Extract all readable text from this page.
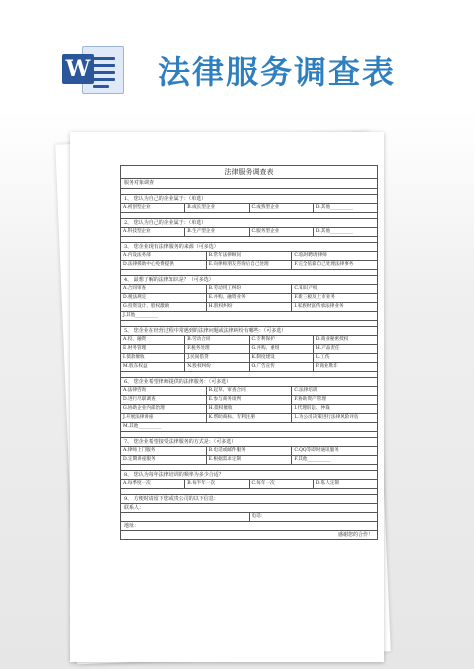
W 法律服务调查表
法律服务调查表
服务对象调查
1、 您认为自己的企业属于：（单选）
A.初创型企业	B.成长型企业	C.成熟型企业	D.其他__________
2、 您认为自己的企业属于：（单选）
A.科技型企业	B.生产型企业	C.服务型企业	D.其他__________
3、 您企业现有法律服务的来源（可多选）
A.内设法务部	B.常年法律顾问	C.临时聘请律师
D.法律援助中心免费提供	E.向律师朋友咨询后自己处理	F.完全依靠自己处理法律事务
4、 最想了解的法律知识是？（可多选）
A.合同审查	B.劳动用工纠纷	C.知识产权
D.税法规定	E.并购、融资业务	F.新三板及上市业务
G.投资设计、股权激励	H.股权纠纷	I.家族财富传承法律业务
J.其他__________
5、 您企业在经营过程中常遇到的法律问题或法律纠纷有哪些：（可多选）
A.投、融资	B.劳动合同	C.专利保护	D.商业秘密授权
E.财务管理	F.税务处理	G.并购、重组	H.产品责任
I.债款催收	J.民间借贷	K.制度建设	L.工伤
M.股东权益	N.股权纠纷	O.广告宣传	P.商业欺诈
6、 您企业希望律师提供的法律服务：（可多选）
A.法律咨询	B.起草、审查合同	C.法律培训
D.进行尽职调查	E.参与商务谈判	F.协助资产管理
G.协助企业内部治理	H.债权催收	I.代理诉讼、仲裁
J.开展法律讲座	K.帮助商标、专利注册	L.为公司决策进行法律风险评估
M.其他__________
7、 您企业希望接受法律服务的方式是：（可多选）
A.律师上门服务	B.电话或邮件服务	C.QQ等即时通讯服务
D.定期讲座服务	E.根据需求定制	F.其他__________
8、 您认为每年法律培训的频率为多少合适？
A.每季度一次	B.每半年一次	C.每年一次	D.私人定制
9、 方便时请留下您或贵公司的以下信息：
联系人：
电话：
地址：
感谢您的合作！
